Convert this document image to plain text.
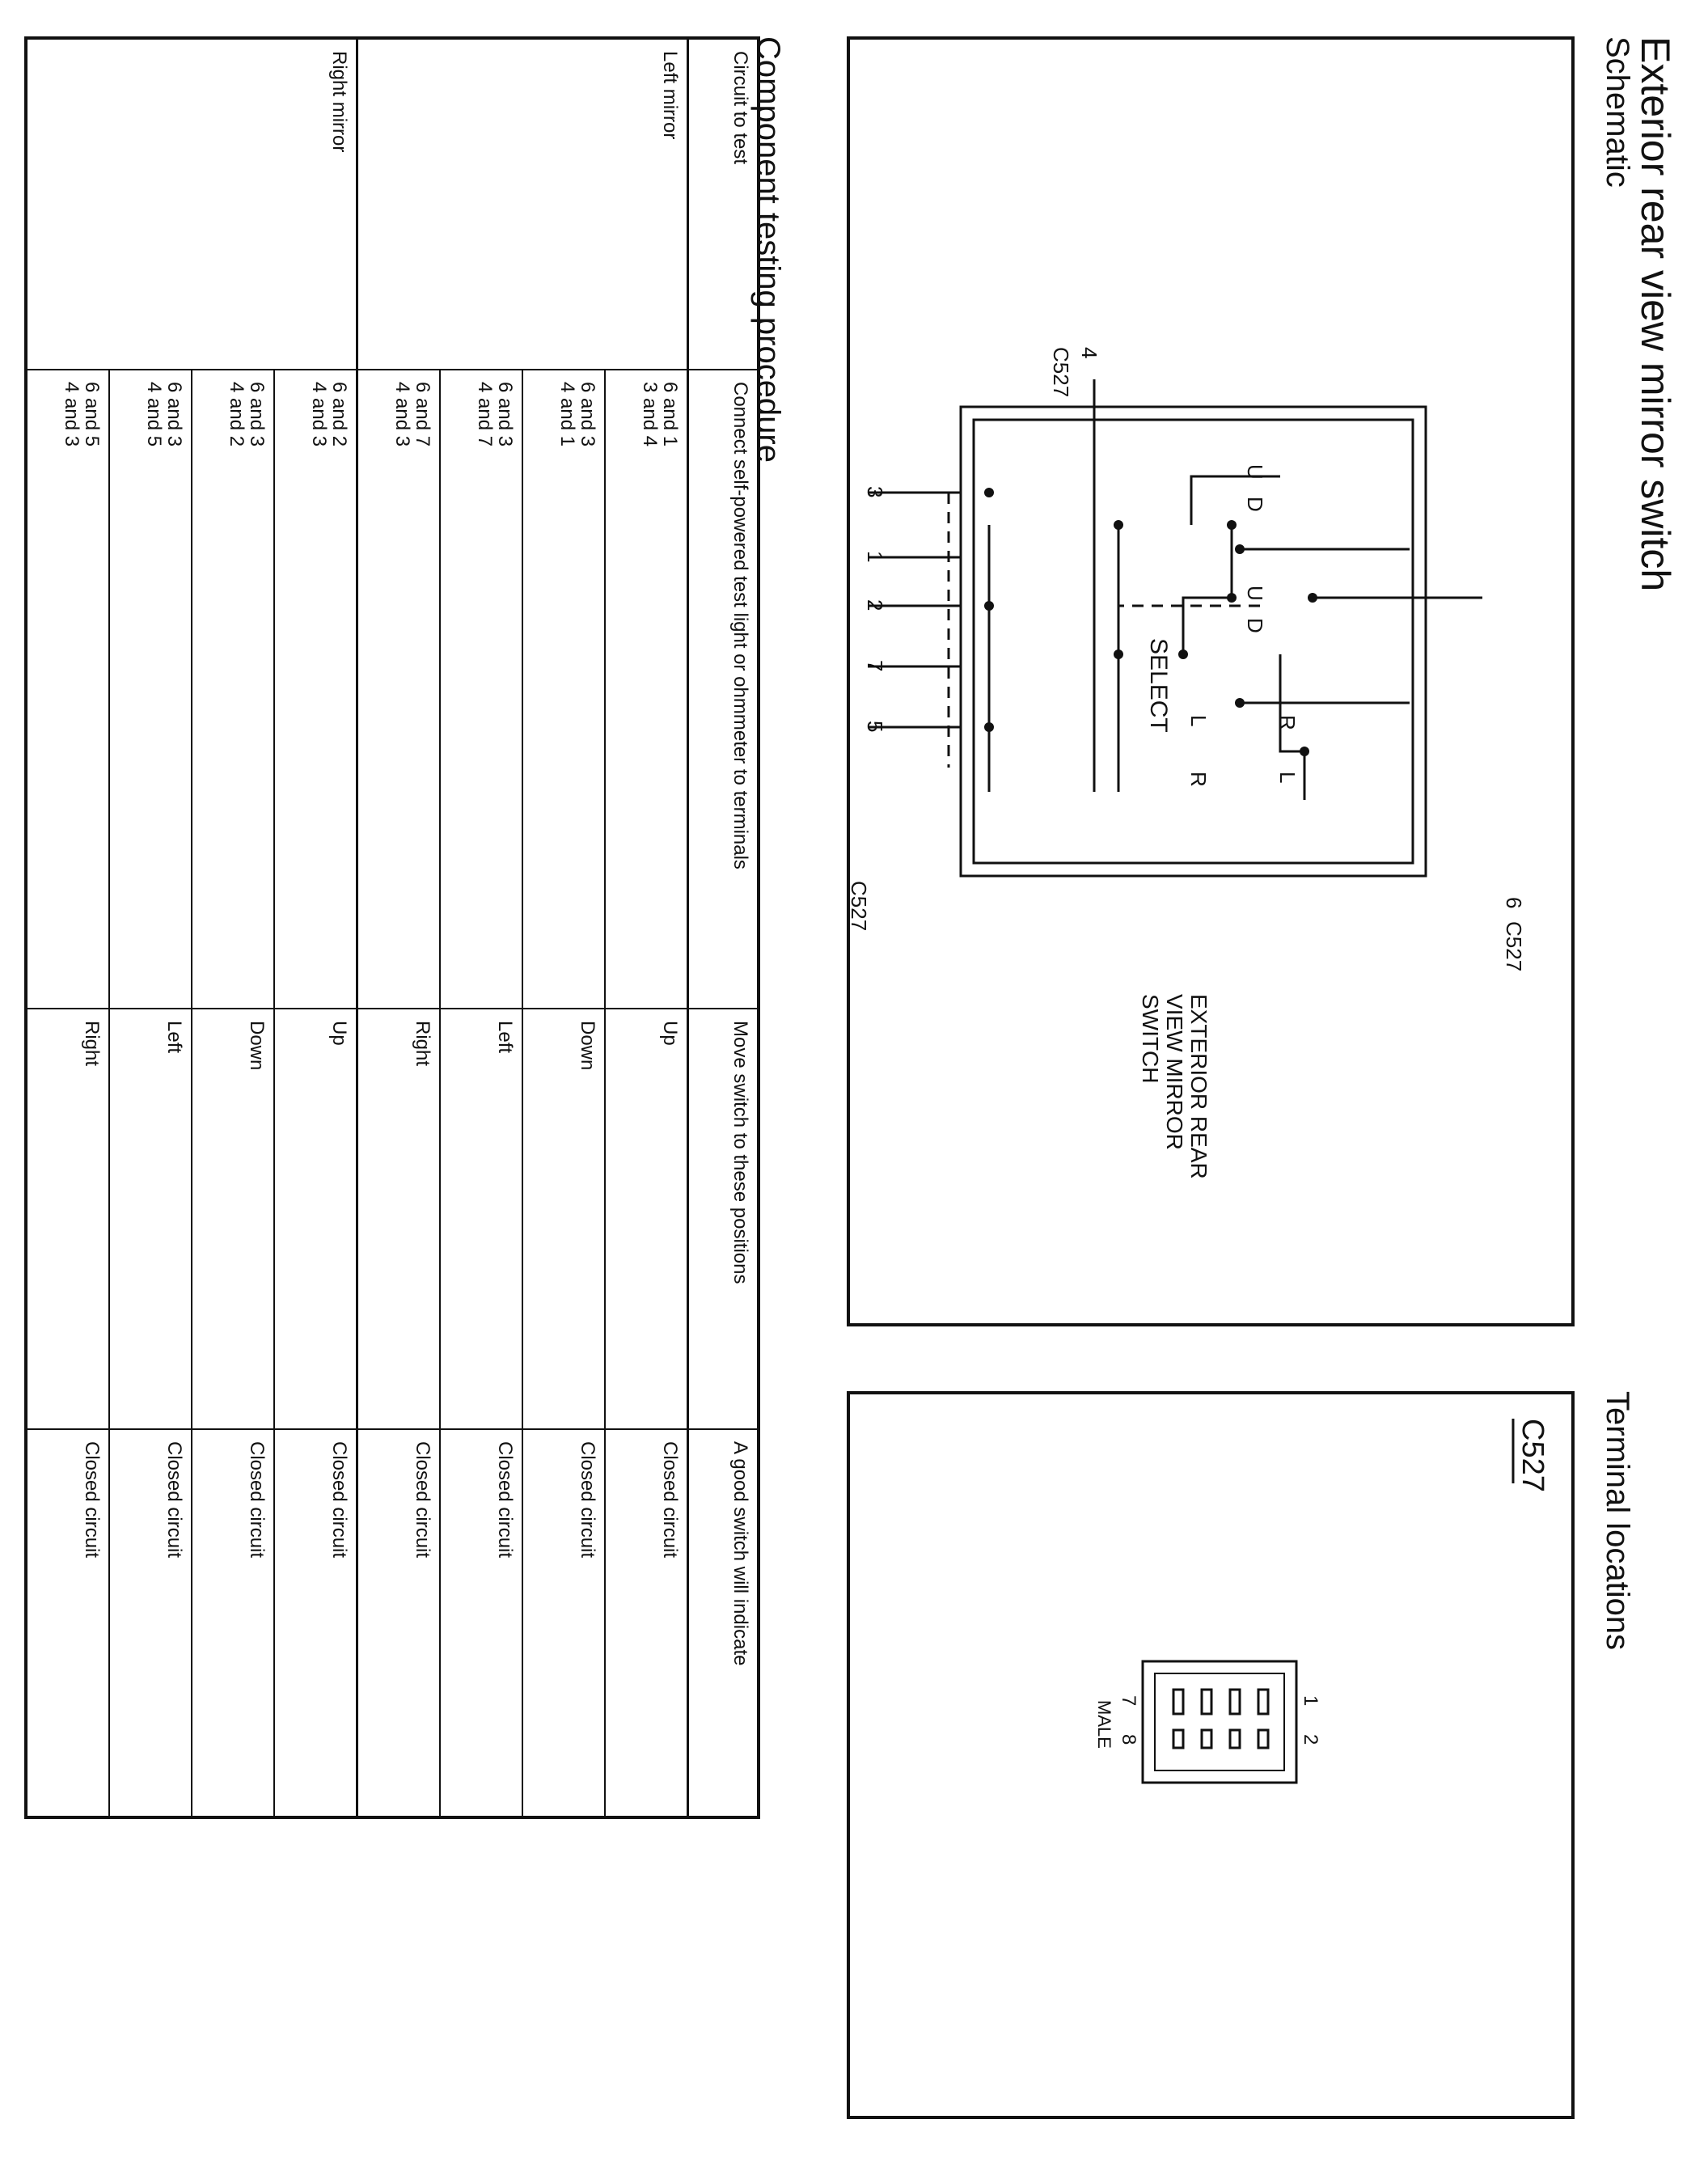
Exterior rear view mirror switch
Schematic
Terminal locations
EXTERIOR REAR
VIEW MIRROR
SWITCH
C527
6
4
C527
C527
SELECT
3
1
2
7
5
U
D
U
D
L
R
L	R
C527
1
2
7
8
MALE
Component testing procedure
Circuit to test	Connect self-powered test light or ohmmeter to terminals	Move switch to these positions	A good switch will indicate
Left mirror	6 and 1
3 and 4	Up	Closed circuit

	6 and 3
4 and 1	Down	Closed circuit

	6 and 3
4 and 7	Left	Closed circuit

	6 and 7
4 and 3	Right	Closed circuit
Right mirror	6 and 2
4 and 3	Up	Closed circuit

	6 and 3
4 and 2	Down	Closed circuit

	6 and 3
4 and 5	Left	Closed circuit

	6 and 5
4 and 3	Right	Closed circuit
